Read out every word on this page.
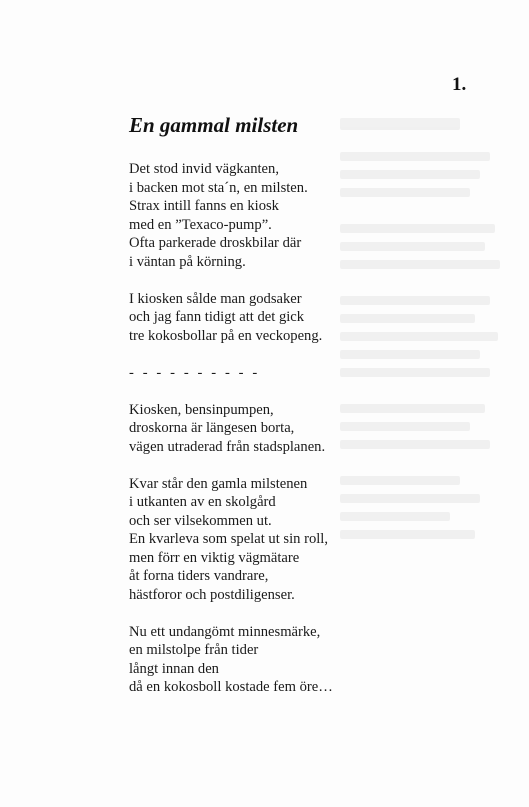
1.

En gammal milsten
Det stod invid vägkanten,
i backen mot sta´n, en milsten.
Strax intill fanns en kiosk
med en ”Texaco-pump”.
Ofta parkerade droskbilar där
i väntan på körning.
I kiosken sålde man godsaker
och jag fann tidigt att det gick
tre kokosbollar på en veckopeng.
- - - - - - - - - -
Kiosken, bensinpumpen,
droskorna är längesen borta,
vägen utraderad från stadsplanen.
Kvar står den gamla milstenen
i utkanten av en skolgård
och ser vilsekommen ut.
En kvarleva som spelat ut sin roll,
men förr en viktig vägmätare
åt forna tiders vandrare,
hästforor och postdiligenser.
Nu ett undangömt minnesmärke,
en milstolpe från tider
långt innan den
då en kokosboll kostade fem öre…
